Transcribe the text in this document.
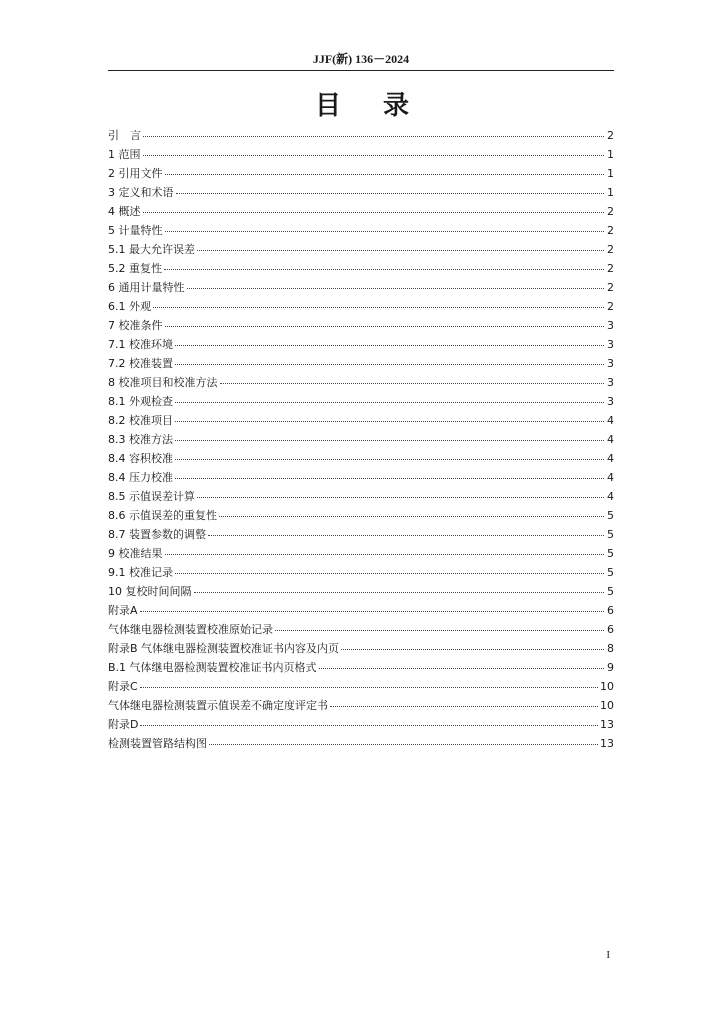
JJF(新) 136－2024
目录
引　言	2
1 范围	1
2 引用文件	1
3 定义和术语	1
4 概述	2
5 计量特性	2
5.1 最大允许误差	2
5.2 重复性	2
6 通用计量特性	2
6.1 外观	2
7 校准条件	3
7.1 校准环境	3
7.2 校准装置	3
8 校准项目和校准方法	3
8.1 外观检查	3
8.2 校准项目	4
8.3 校准方法	4
8.4 容积校准	4
8.4 压力校准	4
8.5 示值误差计算	4
8.6 示值误差的重复性	5
8.7 装置参数的调整	5
9 校准结果	5
9.1 校准记录	5
10 复校时间间隔	5
附录A	6
气体继电器检测装置校准原始记录	6
附录B 气体继电器检测装置校准证书内容及内页	8
B.1 气体继电器检测装置校准证书内页格式	9
附录C	10
气体继电器检测装置示值误差不确定度评定书	10
附录D	13
检测装置管路结构图	13
I
